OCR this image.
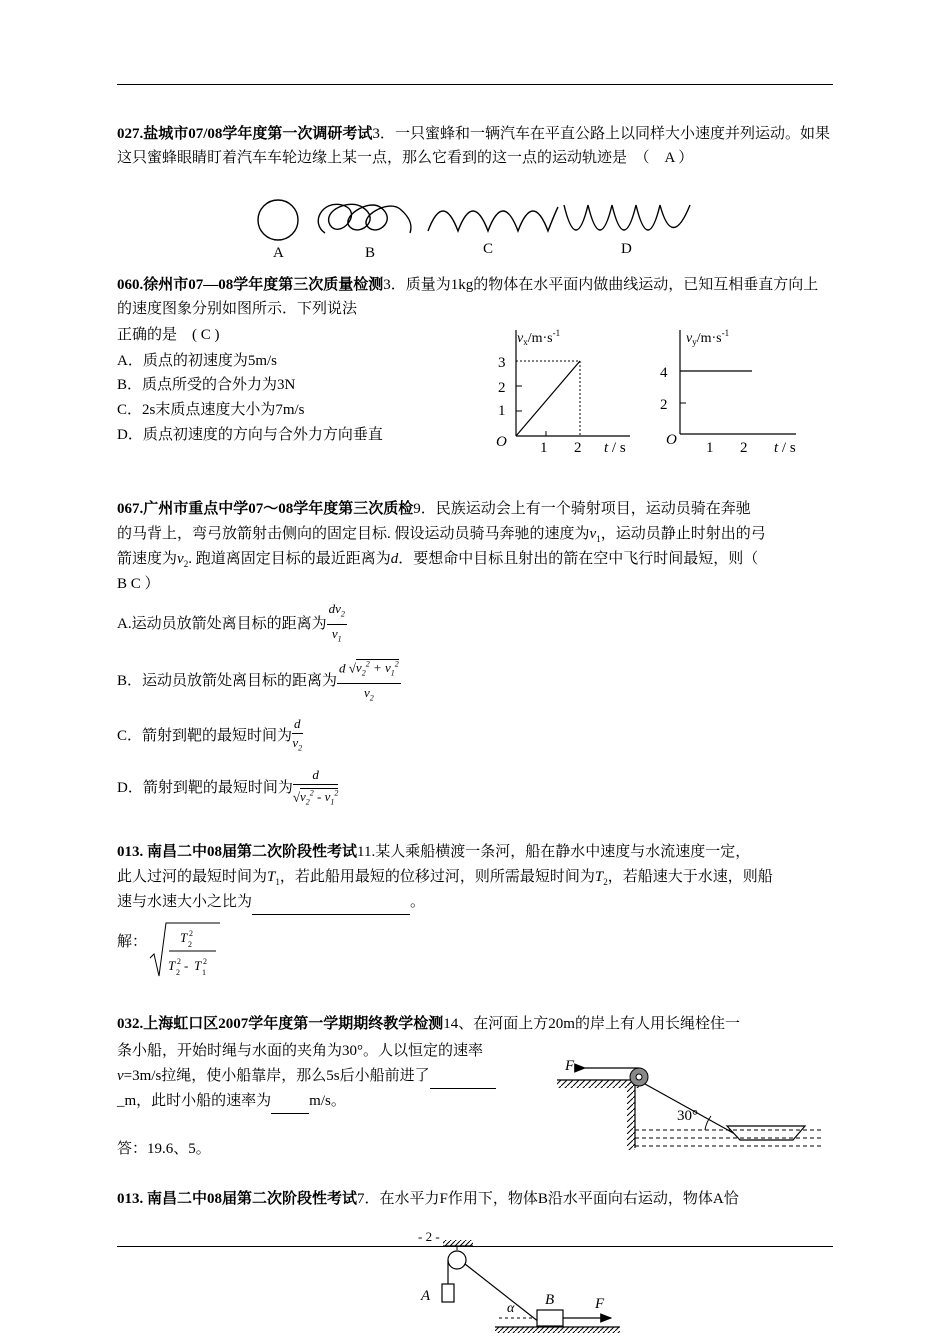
027.盐城市07/08学年度第一次调研考试3．一只蜜蜂和一辆汽车在平直公路上以同样大小速度并列运动。如果这只蜜蜂眼睛盯着汽车车轮边缘上某一点，那么它看到的这一点的运动轨迹是　（　A ）
A	B	C	D
060.徐州市07—08学年度第三次质量检测3．质量为1kg的物体在水平面内做曲线运动，已知互相垂直方向上的速度图象分别如图所示．下列说法
正确的是　( C )
A．质点的初速度为5m/s
B．质点所受的合外力为3N
C．2s末质点速度大小为7m/s
D．质点初速度的方向与合外力方向垂直
$v_x/m\cdot s^{-1}$
3
2
1
O 1 2 t / s
$v_y/m\cdot s^{-1}$
4
2
O 1 2 t / s
067.广州市重点中学07～08学年度第三次质检9．民族运动会上有一个骑射项目，运动员骑在奔驰
的马背上，弯弓放箭射击侧向的固定目标. 假设运动员骑马奔驰的速度为$v_1$，运动员静止时射出的弓
箭速度为$v_2$. 跑道离固定目标的最近距离为d．要想命中目标且射出的箭在空中飞行时间最短，则（
B C ）
A.运动员放箭处离目标的距离为 $\frac{dv_2}{v_1}$
B．运动员放箭处离目标的距离为 $\frac{d √v_2^2 + v_1^2}{v_2}$
C．箭射到靶的最短时间为 $\frac{d}{v_2}$
D．箭射到靶的最短时间为 $\frac{d}{√v_2^2 - v_1^2}$
013. 南昌二中08届第二次阶段性考试11.某人乘船横渡一条河，船在静水中速度与水流速度一定，
此人过河的最短时间为$T_1$，若此船用最短的位移过河，则所需最短时间为$T_2$，若船速大于水速，则船
速与水速大小之比为	。
解：	T 2
2
T 2
2 - T 1
2
032.上海虹口区2007学年度第一学期期终教学检测14、在河面上方20m的岸上有人用长绳栓住一
条小船，开始时绳与水面的夹角为30°。人以恒定的速率
v=3m/s拉绳，使小船靠岸，那么5s后小船前进了
_m，此时小船的速率为	m/s。
答：19.6、5。
F
30°
013. 南昌二中08届第二次阶段性考试7．在水平力F作用下，物体B沿水平面向右运动，物体A恰
- 2 -
A	B	F
α
